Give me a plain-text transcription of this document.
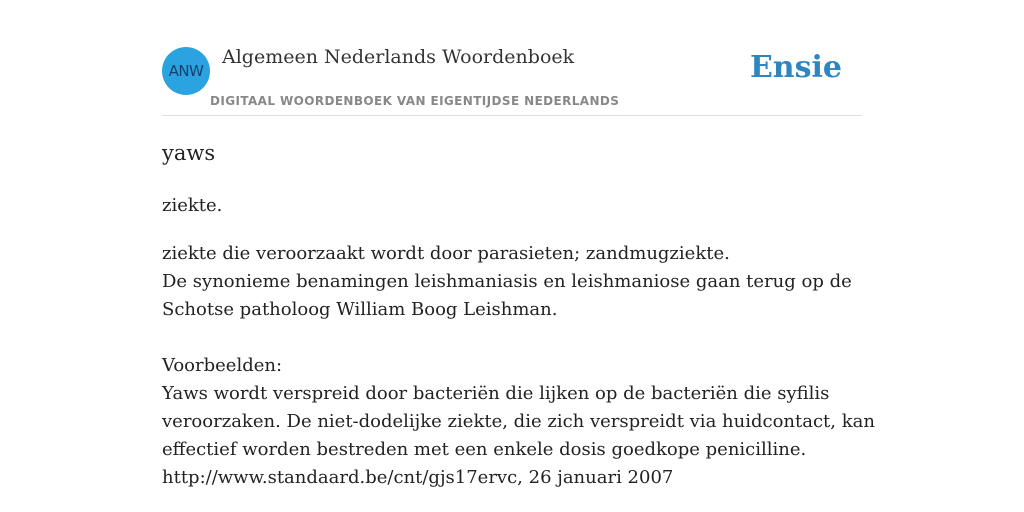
ANW
Algemeen Nederlands Woordenboek
DIGITAAL WOORDENBOEK VAN EIGENTIJDSE NEDERLANDS
Ensie
yaws
ziekte.
ziekte die veroorzaakt wordt door parasieten; zandmugziekte.
De synonieme benamingen leishmaniasis en leishmaniose gaan terug op de
Schotse patholoog William Boog Leishman.
Voorbeelden:
Yaws wordt verspreid door bacteriën die lijken op de bacteriën die syfilis
veroorzaken. De niet-dodelijke ziekte, die zich verspreidt via huidcontact, kan
effectief worden bestreden met een enkele dosis goedkope penicilline.
http://www.standaard.be/cnt/gjs17ervc, 26 januari 2007
